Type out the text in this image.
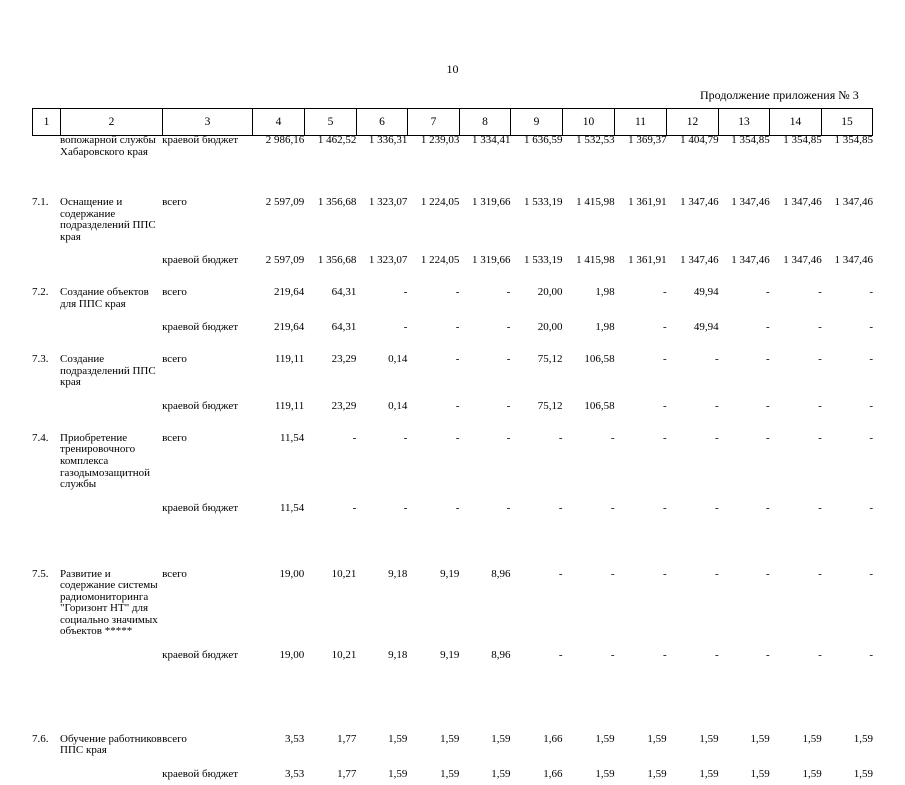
10
Продолжение приложения № 3
1	2	3	4	5	6	7	8	9	10	11	12	13	14	15
	вопожарной службы Хабаровского края	краевой бюджет	2 986,16	1 462,52	1 336,31	1 239,03	1 334,41	1 636,59	1 532,53	1 369,37	1 404,79	1 354,85	1 354,85	1 354,85

7.1.	Оснащение и содержание подразделений ППС края	всего	2 597,09	1 356,68	1 323,07	1 224,05	1 319,66	1 533,19	1 415,98	1 361,91	1 347,46	1 347,46	1 347,46	1 347,46

		краевой бюджет	2 597,09	1 356,68	1 323,07	1 224,05	1 319,66	1 533,19	1 415,98	1 361,91	1 347,46	1 347,46	1 347,46	1 347,46

7.2.	Создание объектов для ППС края	всего	219,64	64,31	-	-	-	20,00	1,98	-	49,94	-	-	-

		краевой бюджет	219,64	64,31	-	-	-	20,00	1,98	-	49,94	-	-	-

7.3.	Создание подразделений ППС края	всего	119,11	23,29	0,14	-	-	75,12	106,58	-	-	-	-	-

		краевой бюджет	119,11	23,29	0,14	-	-	75,12	106,58	-	-	-	-	-

7.4.	Приобретение тренировочного комплекса газодымозащитной службы	всего	11,54	-	-	-	-	-	-	-	-	-	-	-

		краевой бюджет	11,54	-	-	-	-	-	-	-	-	-	-	-

7.5.	Развитие и содержание системы радиомониторинга "Горизонт НТ" для социально значимых объектов *****	всего	19,00	10,21	9,18	9,19	8,96	-	-	-	-	-	-	-

		краевой бюджет	19,00	10,21	9,18	9,19	8,96	-	-	-	-	-	-	-

7.6.	Обучение работников ППС края	всего	3,53	1,77	1,59	1,59	1,59	1,66	1,59	1,59	1,59	1,59	1,59	1,59

		краевой бюджет	3,53	1,77	1,59	1,59	1,59	1,66	1,59	1,59	1,59	1,59	1,59	1,59
